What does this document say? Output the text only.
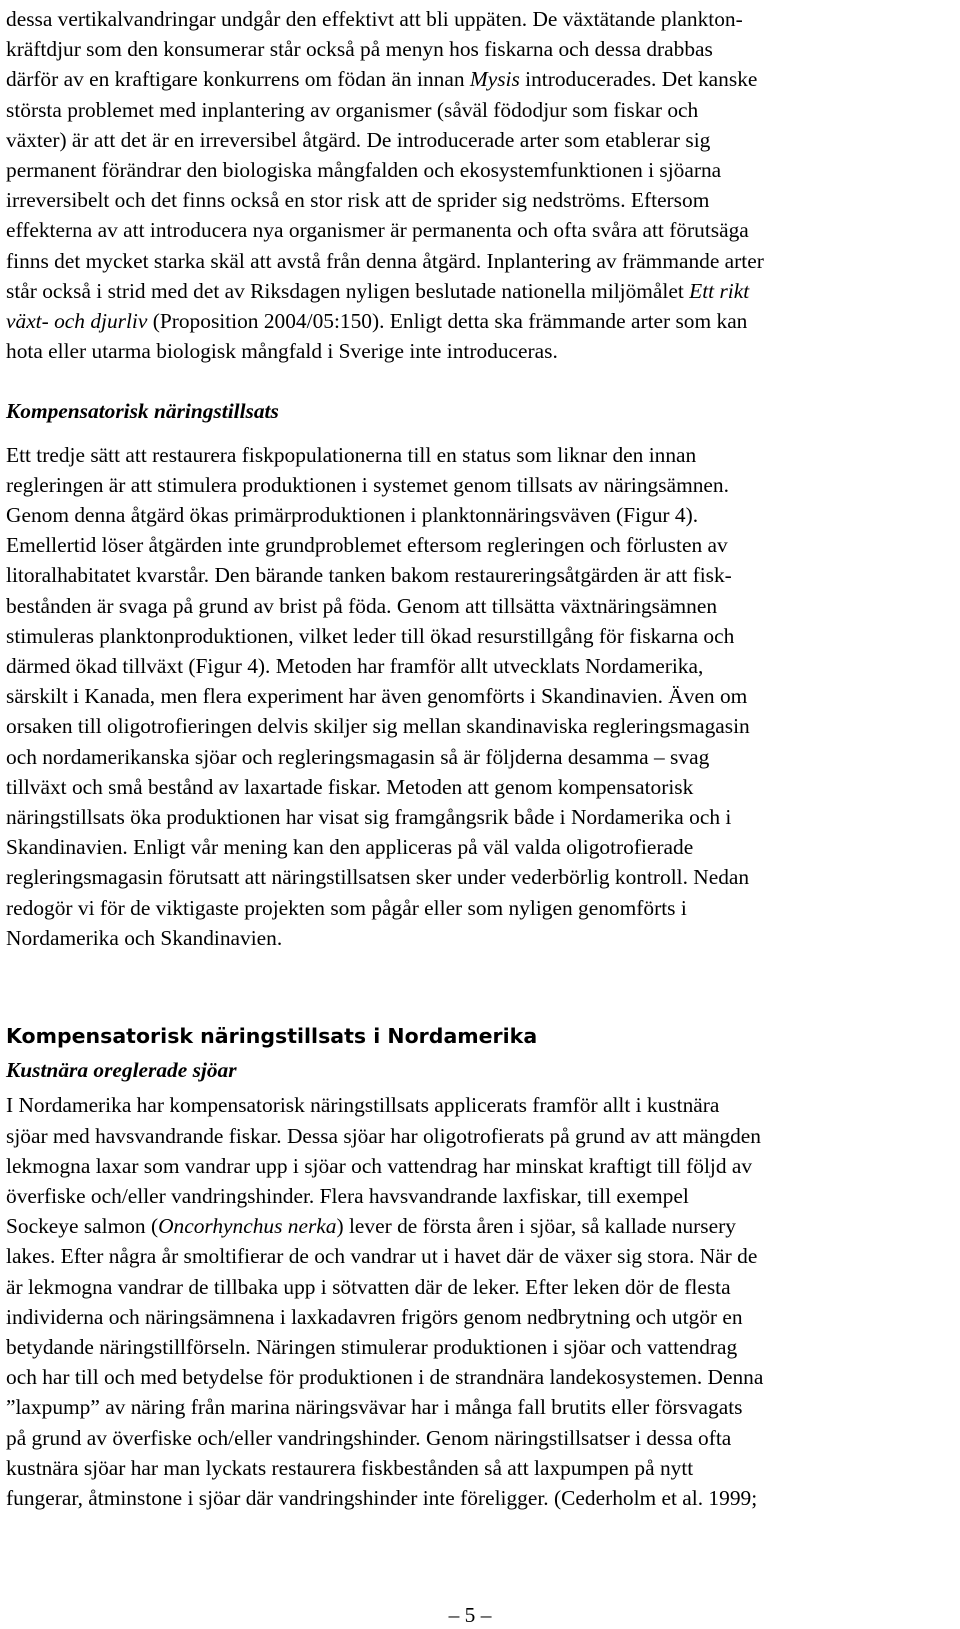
dessa vertikalvandringar undgår den effektivt att bli uppäten. De växtätande plankton-
kräftdjur som den konsumerar står också på menyn hos fiskarna och dessa drabbas
därför av en kraftigare konkurrens om födan än innan Mysis introducerades. Det kanske
största problemet med inplantering av organismer (såväl födodjur som fiskar och
växter) är att det är en irreversibel åtgärd. De introducerade arter som etablerar sig
permanent förändrar den biologiska mångfalden och ekosystemfunktionen i sjöarna
irreversibelt och det finns också en stor risk att de sprider sig nedströms. Eftersom
effekterna av att introducera nya organismer är permanenta och ofta svåra att förutsäga
finns det mycket starka skäl att avstå från denna åtgärd. Inplantering av främmande arter
står också i strid med det av Riksdagen nyligen beslutade nationella miljömålet Ett rikt
växt- och djurliv (Proposition 2004/05:150). Enligt detta ska främmande arter som kan
hota eller utarma biologisk mångfald i Sverige inte introduceras.
Kompensatorisk näringstillsats
Ett tredje sätt att restaurera fiskpopulationerna till en status som liknar den innan
regleringen är att stimulera produktionen i systemet genom tillsats av näringsämnen.
Genom denna åtgärd ökas primärproduktionen i planktonnäringsväven (Figur 4).
Emellertid löser åtgärden inte grundproblemet eftersom regleringen och förlusten av
litoralhabitatet kvarstår. Den bärande tanken bakom restaureringsåtgärden är att fisk-
bestånden är svaga på grund av brist på föda. Genom att tillsätta växtnäringsämnen
stimuleras planktonproduktionen, vilket leder till ökad resurstillgång för fiskarna och
därmed ökad tillväxt (Figur 4). Metoden har framför allt utvecklats Nordamerika,
särskilt i Kanada, men flera experiment har även genomförts i Skandinavien. Även om
orsaken till oligotrofieringen delvis skiljer sig mellan skandinaviska regleringsmagasin
och nordamerikanska sjöar och regleringsmagasin så är följderna desamma – svag
tillväxt och små bestånd av laxartade fiskar. Metoden att genom kompensatorisk
näringstillsats öka produktionen har visat sig framgångsrik både i Nordamerika och i
Skandinavien. Enligt vår mening kan den appliceras på väl valda oligotrofierade
regleringsmagasin förutsatt att näringstillsatsen sker under vederbörlig kontroll. Nedan
redogör vi för de viktigaste projekten som pågår eller som nyligen genomförts i
Nordamerika och Skandinavien.
Kompensatorisk näringstillsats i Nordamerika
Kustnära oreglerade sjöar
I Nordamerika har kompensatorisk näringstillsats applicerats framför allt i kustnära
sjöar med havsvandrande fiskar. Dessa sjöar har oligotrofierats på grund av att mängden
lekmogna laxar som vandrar upp i sjöar och vattendrag har minskat kraftigt till följd av
överfiske och/eller vandringshinder. Flera havsvandrande laxfiskar, till exempel
Sockeye salmon (Oncorhynchus nerka) lever de första åren i sjöar, så kallade nursery
lakes. Efter några år smoltifierar de och vandrar ut i havet där de växer sig stora. När de
är lekmogna vandrar de tillbaka upp i sötvatten där de leker. Efter leken dör de flesta
individerna och näringsämnena i laxkadavren frigörs genom nedbrytning och utgör en
betydande näringstillförseln. Näringen stimulerar produktionen i sjöar och vattendrag
och har till och med betydelse för produktionen i de strandnära landekosystemen. Denna
”laxpump” av näring från marina näringsvävar har i många fall brutits eller försvagats
på grund av överfiske och/eller vandringshinder. Genom näringstillsatser i dessa ofta
kustnära sjöar har man lyckats restaurera fiskbestånden så att laxpumpen på nytt
fungerar, åtminstone i sjöar där vandringshinder inte föreligger. (Cederholm et al. 1999;
– 5 –
